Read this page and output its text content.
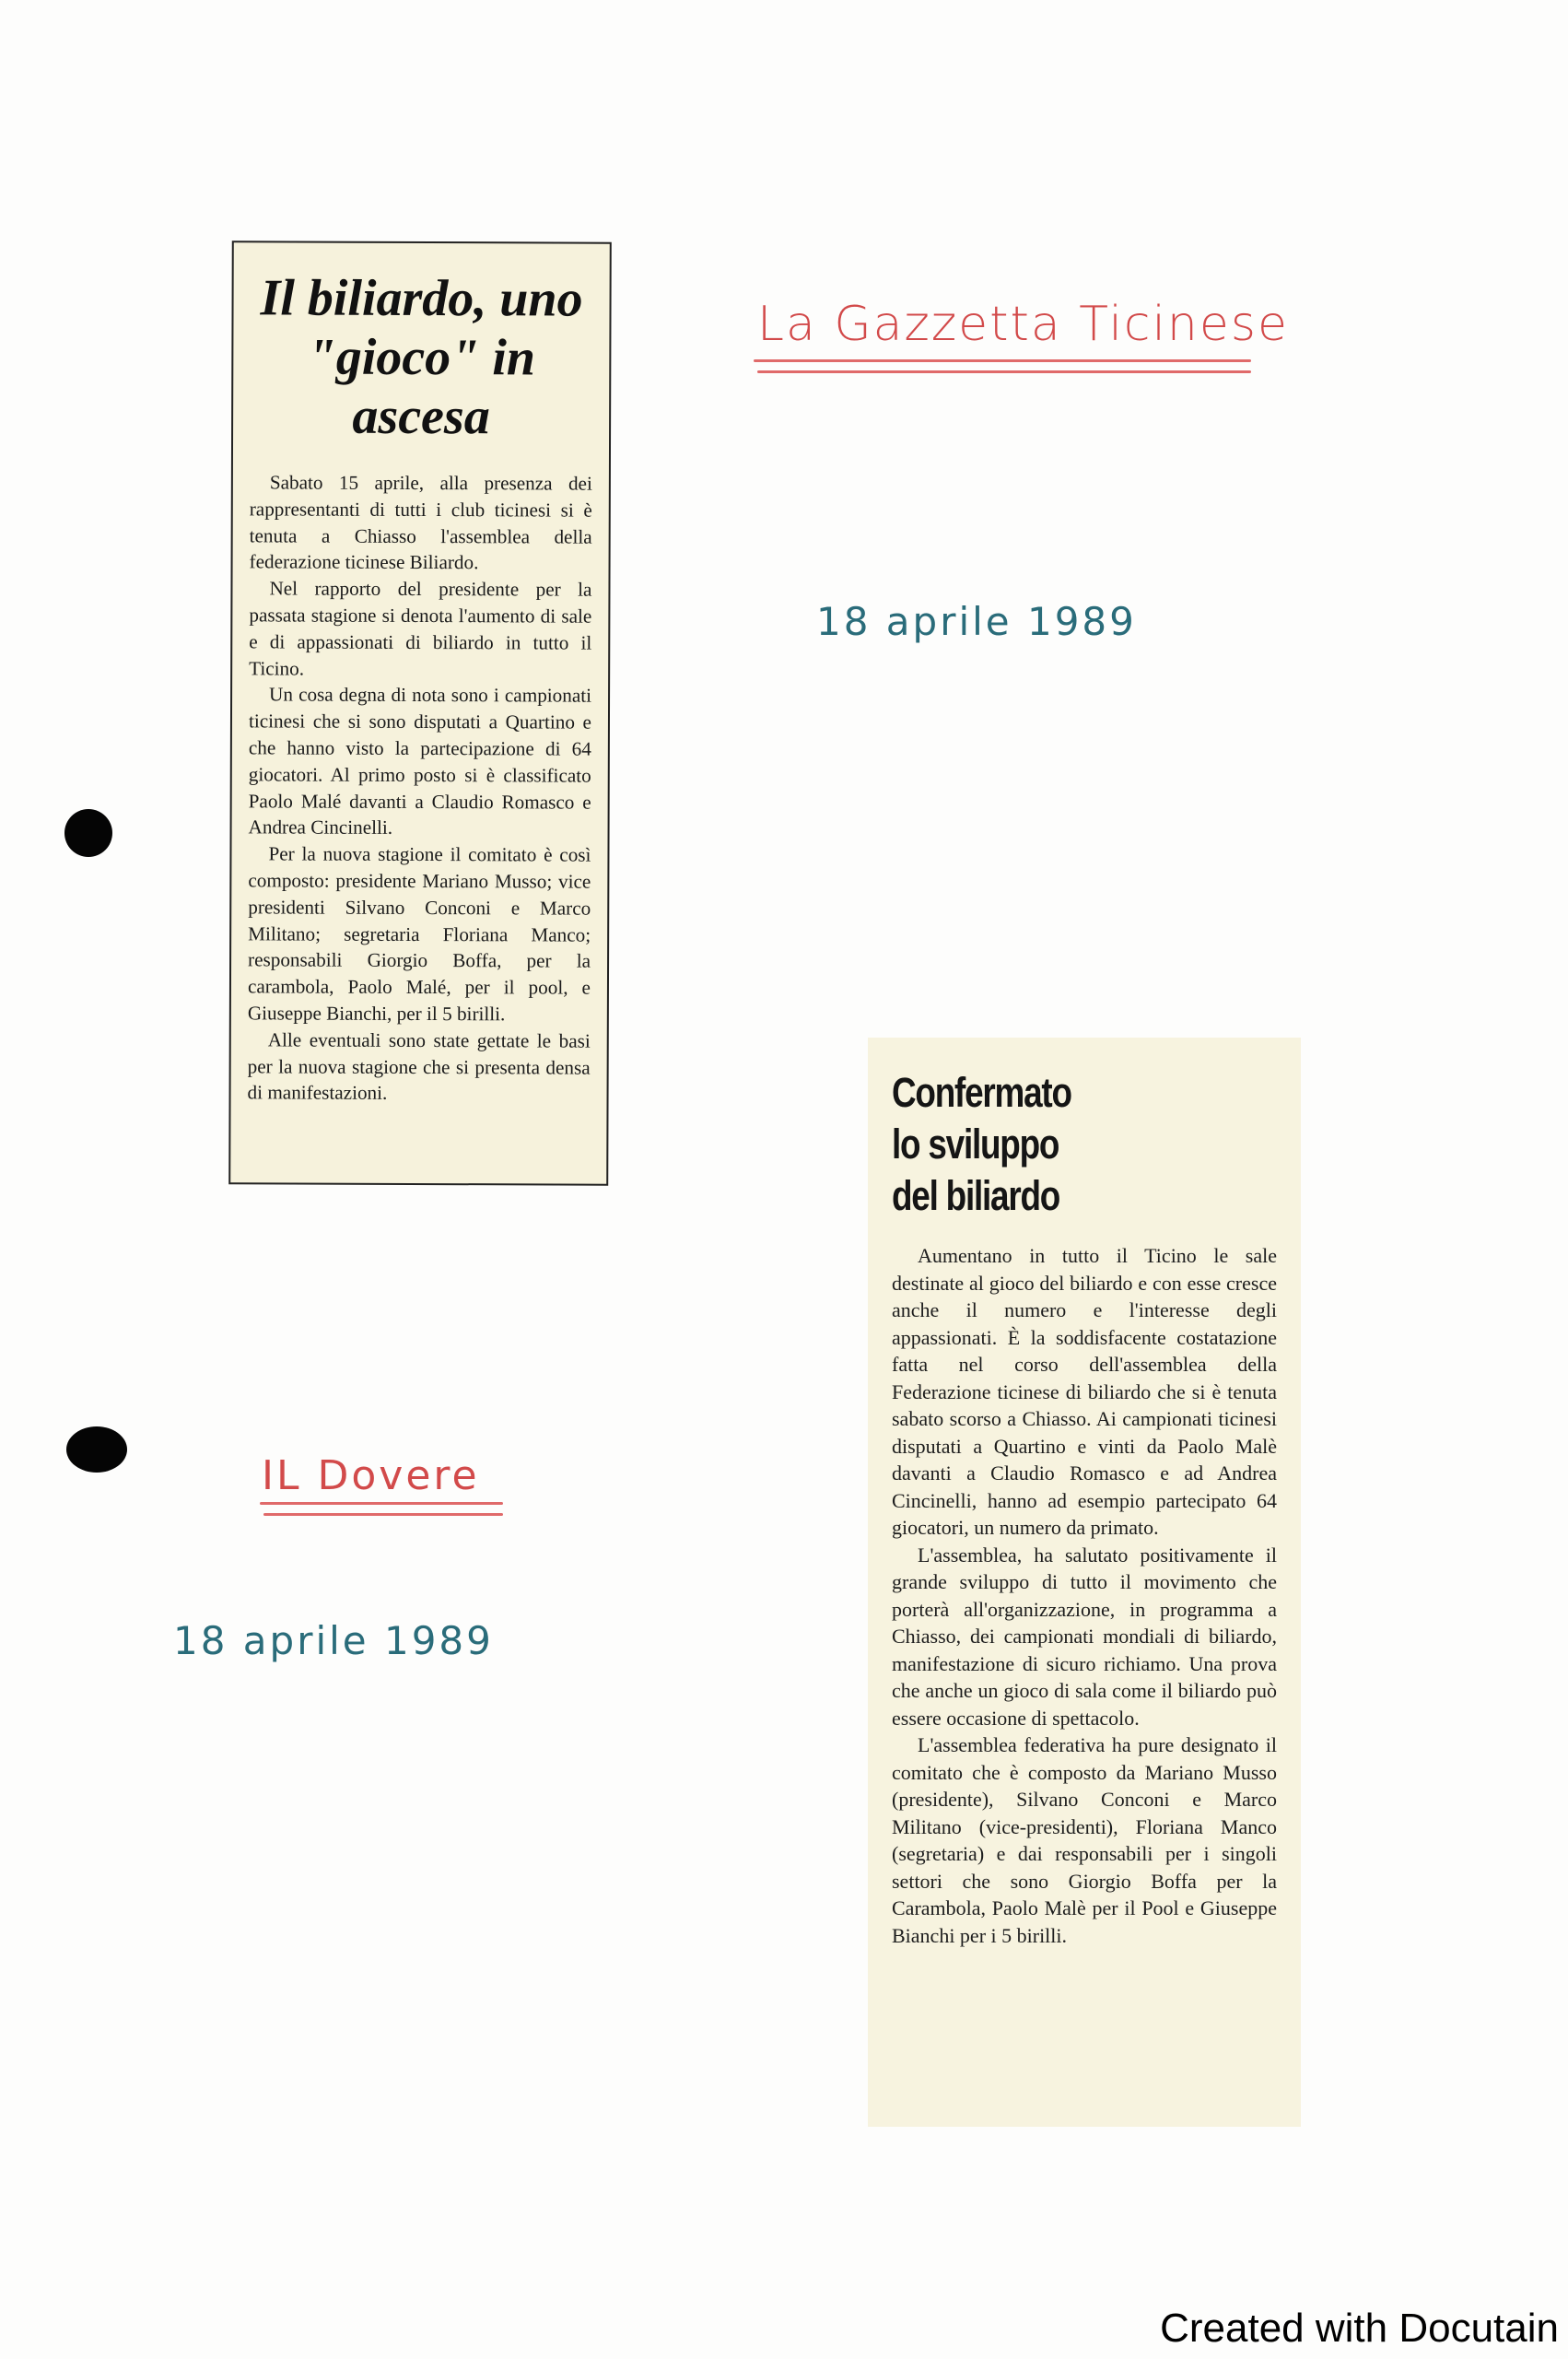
Il biliardo, uno "gioco" in ascesa

Sabato 15 aprile, alla presenza dei rappresentanti di tutti i club ticinesi si è tenuta a Chiasso l'assemblea della federazione ticinese Biliardo.

Nel rapporto del presidente per la passata stagione si denota l'aumento di sale e di appassionati di biliardo in tutto il Ticino.

Un cosa degna di nota sono i campionati ticinesi che si sono disputati a Quartino e che hanno visto la partecipazione di 64 giocatori. Al primo posto si è classificato Paolo Malé davanti a Claudio Romasco e Andrea Cincinelli.

Per la nuova stagione il comitato è così composto: presidente Mariano Musso; vice presidenti Silvano Conconi e Marco Militano; segretaria Floriana Manco; responsabili Giorgio Boffa, per la carambola, Paolo Malé, per il pool, e Giuseppe Bianchi, per il 5 birilli.

Alle eventuali sono state gettate le basi per la nuova stagione che si presenta densa di manifestazioni.

La Gazzetta Ticinese
18 aprile 1989
Confermato
lo sviluppo
del biliardo

Aumentano in tutto il Ticino le sale destinate al gioco del biliardo e con esse cresce anche il numero e l'interesse degli appassionati. È la soddisfacente costatazione fatta nel corso dell'assemblea della Federazione ticinese di biliardo che si è tenuta sabato scorso a Chiasso. Ai campionati ticinesi disputati a Quartino e vinti da Paolo Malè davanti a Claudio Romasco e ad Andrea Cincinelli, hanno ad esempio partecipato 64 giocatori, un numero da primato.

L'assemblea, ha salutato positivamente il grande sviluppo di tutto il movimento che porterà all'organizzazione, in programma a Chiasso, dei campionati mondiali di biliardo, manifestazione di sicuro richiamo. Una prova che anche un gioco di sala come il biliardo può essere occasione di spettacolo.

L'assemblea federativa ha pure designato il comitato che è composto da Mariano Musso (presidente), Silvano Conconi e Marco Militano (vice-presidenti), Floriana Manco (segretaria) e dai responsabili per i singoli settori che sono Giorgio Boffa per la Carambola, Paolo Malè per il Pool e Giuseppe Bianchi per i 5 birilli.

IL Dovere
18 aprile 1989
Created with Docutain
